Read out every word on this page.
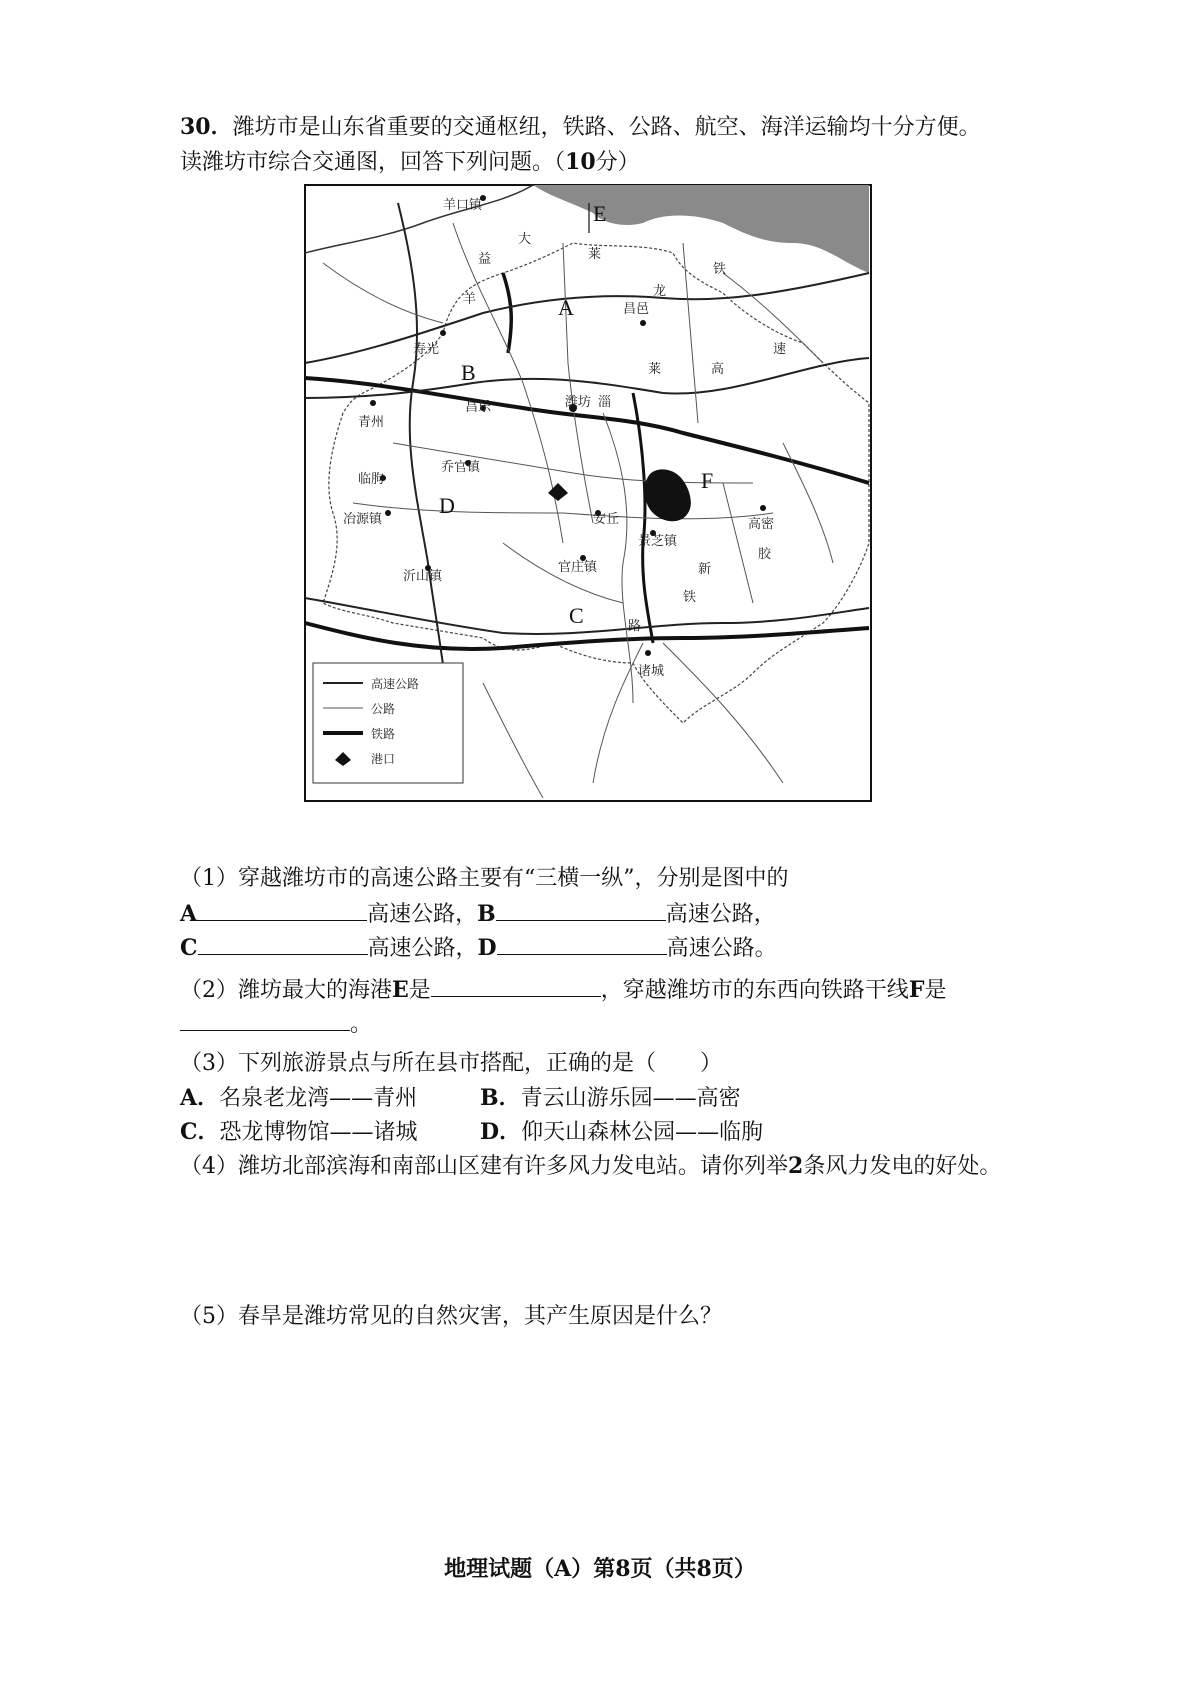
30．潍坊市是山东省重要的交通枢纽，铁路、公路、航空、海洋运输均十分方便。
读潍坊市综合交通图，回答下列问题。（10分）
羊口镇
寿光
昌邑
潍坊
昌乐
青州
临朐
乔官镇
冶源镇	安丘
景芝镇
高密
官庄镇
沂山镇
诸城
大
益
羊
莱
龙
铁
速
高
莱
胶
新
铁
路
淄
A
B
C
D
E
F
高速公路
公路
铁路
港口
（1）穿越潍坊市的高速公路主要有“三横一纵”，分别是图中的
A	高速公路，B	高速公路，
C	高速公路，D	高速公路。
（2）潍坊最大的海港E是	，穿越潍坊市的东西向铁路干线F是
。
（3）下列旅游景点与所在县市搭配，正确的是（　　）
A．名泉老龙湾——青州	B．青云山游乐园——高密
C．恐龙博物馆——诸城	D．仰天山森林公园——临朐
（4）潍坊北部滨海和南部山区建有许多风力发电站。请你列举2条风力发电的好处。
（5）春旱是潍坊常见的自然灾害，其产生原因是什么？
地理试题（A）第8页（共8页）
